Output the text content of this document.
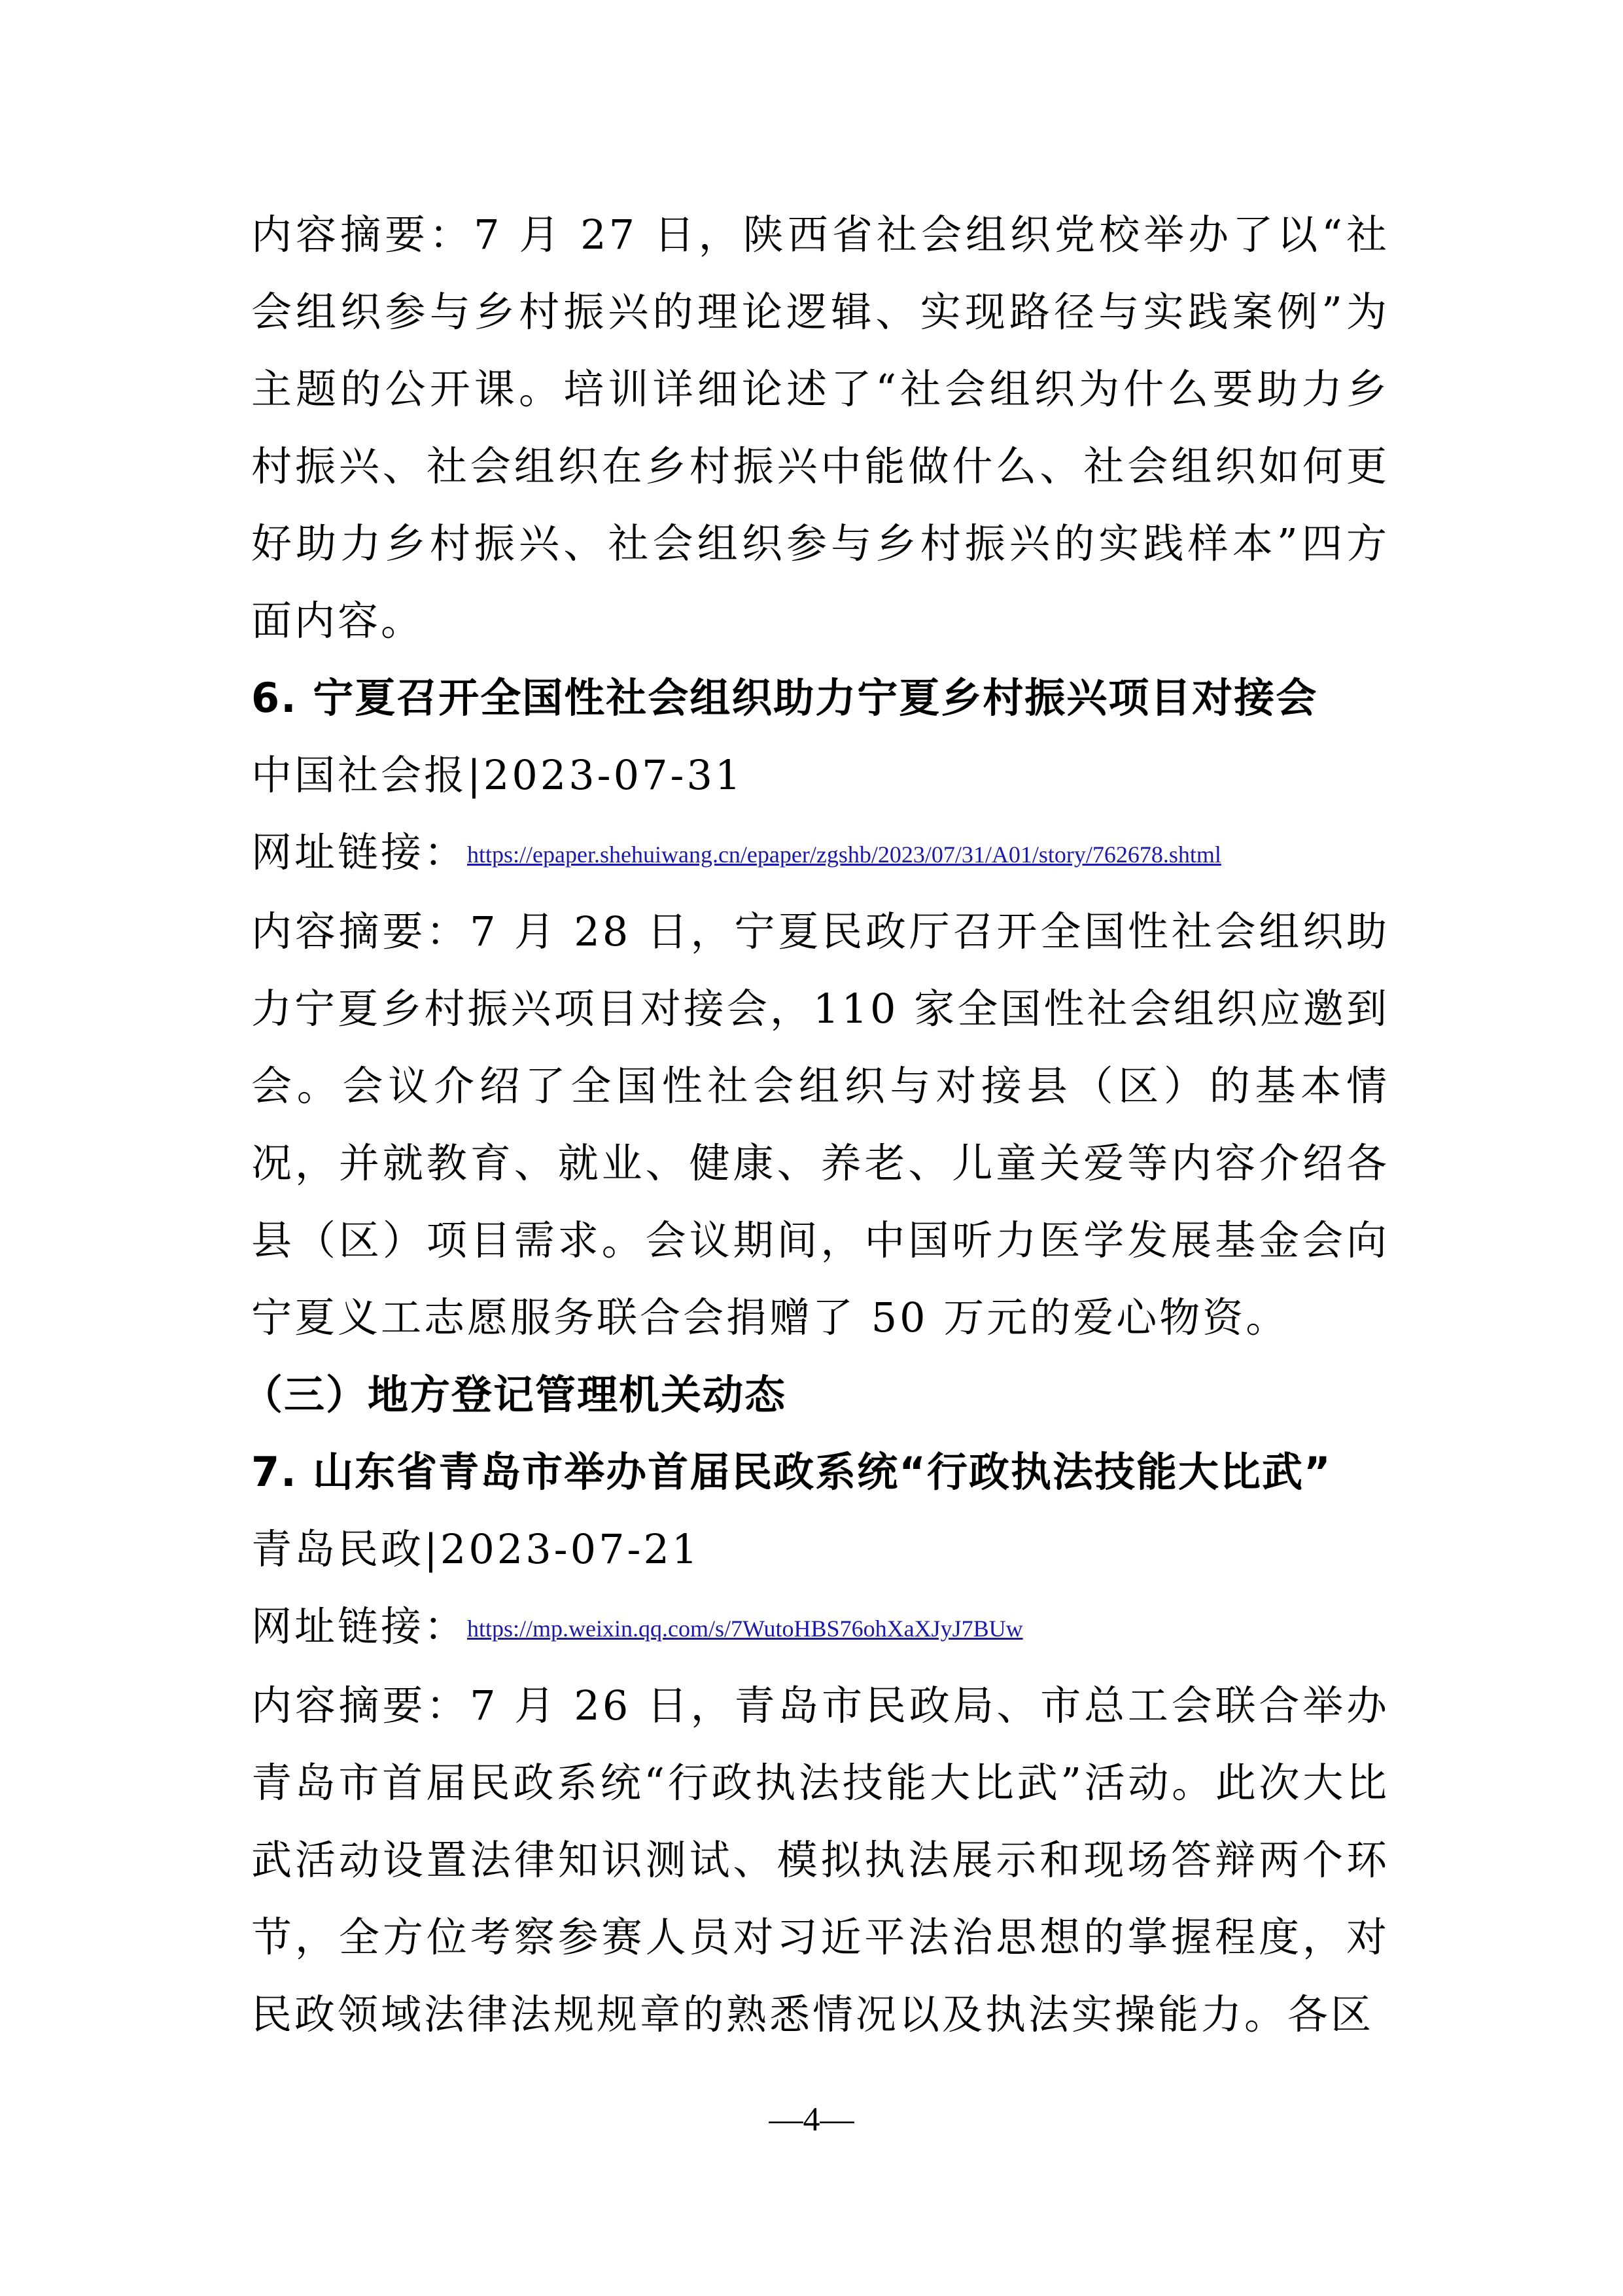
内容摘要：7 月 27 日，陕西省社会组织党校举办了以“社会组织参与乡村振兴的理论逻辑、实现路径与实践案例”为主题的公开课。培训详细论述了“社会组织为什么要助力乡村振兴、社会组织在乡村振兴中能做什么、社会组织如何更好助力乡村振兴、社会组织参与乡村振兴的实践样本”四方面内容。

6. 宁夏召开全国性社会组织助力宁夏乡村振兴项目对接会

中国社会报|2023-07-31

网址链接：https://epaper.shehuiwang.cn/epaper/zgshb/2023/07/31/A01/story/762678.shtml

内容摘要：7 月 28 日，宁夏民政厅召开全国性社会组织助力宁夏乡村振兴项目对接会，110 家全国性社会组织应邀到会。会议介绍了全国性社会组织与对接县（区）的基本情况，并就教育、就业、健康、养老、儿童关爱等内容介绍各县（区）项目需求。会议期间，中国听力医学发展基金会向宁夏义工志愿服务联合会捐赠了 50 万元的爱心物资。

（三）地方登记管理机关动态

7. 山东省青岛市举办首届民政系统“行政执法技能大比武”

青岛民政|2023-07-21

网址链接：https://mp.weixin.qq.com/s/7WutoHBS76ohXaXJyJ7BUw

内容摘要：7 月 26 日，青岛市民政局、市总工会联合举办青岛市首届民政系统“行政执法技能大比武”活动。此次大比武活动设置法律知识测试、模拟执法展示和现场答辩两个环节，全方位考察参赛人员对习近平法治思想的掌握程度，对民政领域法律法规规章的熟悉情况以及执法实操能力。各区

—4—
